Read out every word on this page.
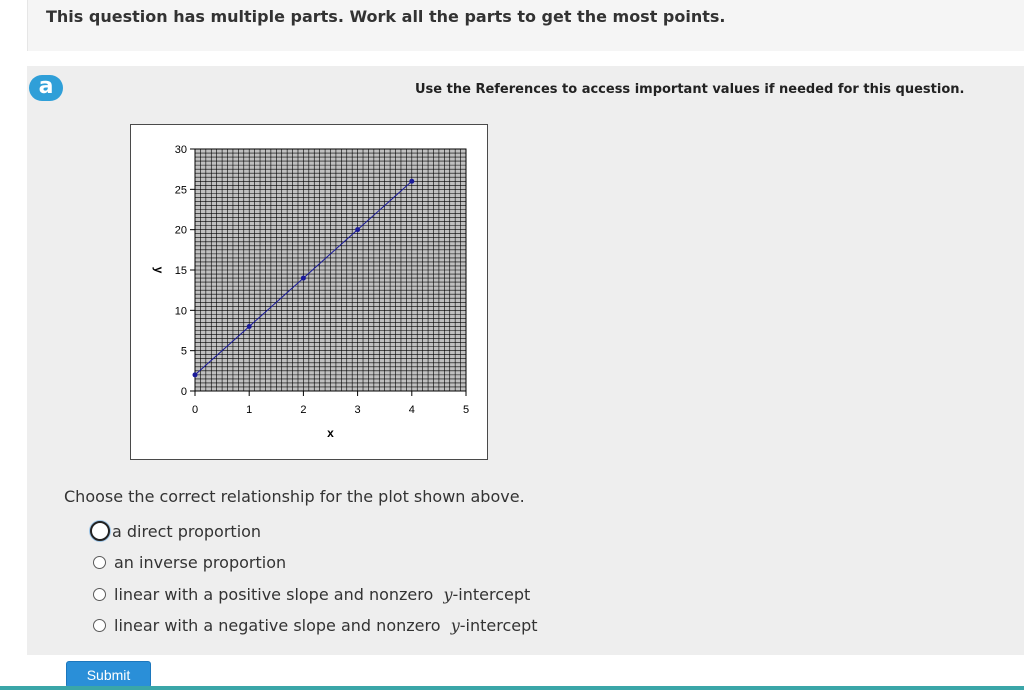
This question has multiple parts. Work all the parts to get the most points.
a	Use the References to access important values if needed for this question.
0	1	2	3	4	5
0
5
10
15
20
25
30
x
y
Choose the correct relationship for the plot shown above.
a direct proportion
an inverse proportion
linear with a positive slope and nonzero  y-intercept
linear with a negative slope and nonzero  y-intercept
Submit
